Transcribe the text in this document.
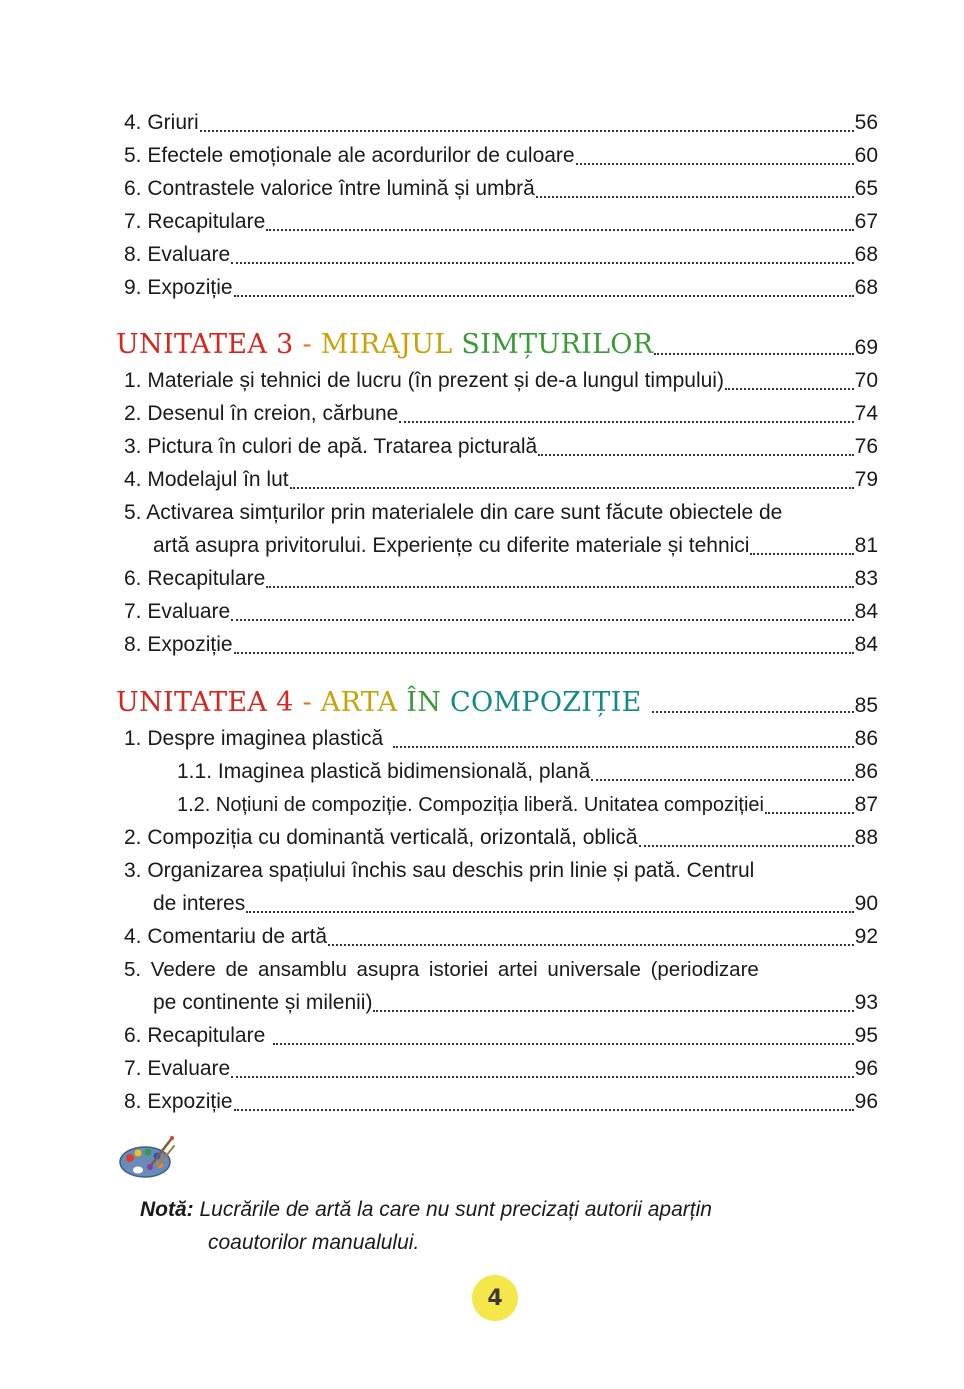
4. Griuri	56
5. Efectele emoționale ale acordurilor de culoare	60
6. Contrastele valorice între lumină și umbră	65
7. Recapitulare	67
8. Evaluare	68
9. Expoziție	68
UNITATEA 3 - MIRAJUL SIMȚURILOR	69
1. Materiale și tehnici de lucru (în prezent și de-a lungul timpului)	70
2. Desenul în creion, cărbune	74
3. Pictura în culori de apă. Tratarea picturală	76
4. Modelajul în lut	79
5. Activarea simțurilor prin materialele din care sunt făcute obiectele de
artă asupra privitorului. Experiențe cu diferite materiale și tehnici	81
6. Recapitulare	83
7. Evaluare	84
8. Expoziție	84
UNITATEA 4 - ARTA ÎN COMPOZIȚIE	85
1. Despre imaginea plastică	86
1.1. Imaginea plastică bidimensională, plană	86
1.2. Noțiuni de compoziție. Compoziția liberă. Unitatea compoziției	87
2. Compoziția cu dominantă verticală, orizontală, oblică	88
3. Organizarea spațiului închis sau deschis prin linie și pată. Centrul
de interes	90
4. Comentariu de artă	92
5. Vedere de ansamblu asupra istoriei artei universale (periodizare
pe continente și milenii)	93
6. Recapitulare	95
7. Evaluare	96
8. Expoziție	96
Notă: Lucrările de artă la care nu sunt precizați autorii aparțin
coautorilor manualului.
4
